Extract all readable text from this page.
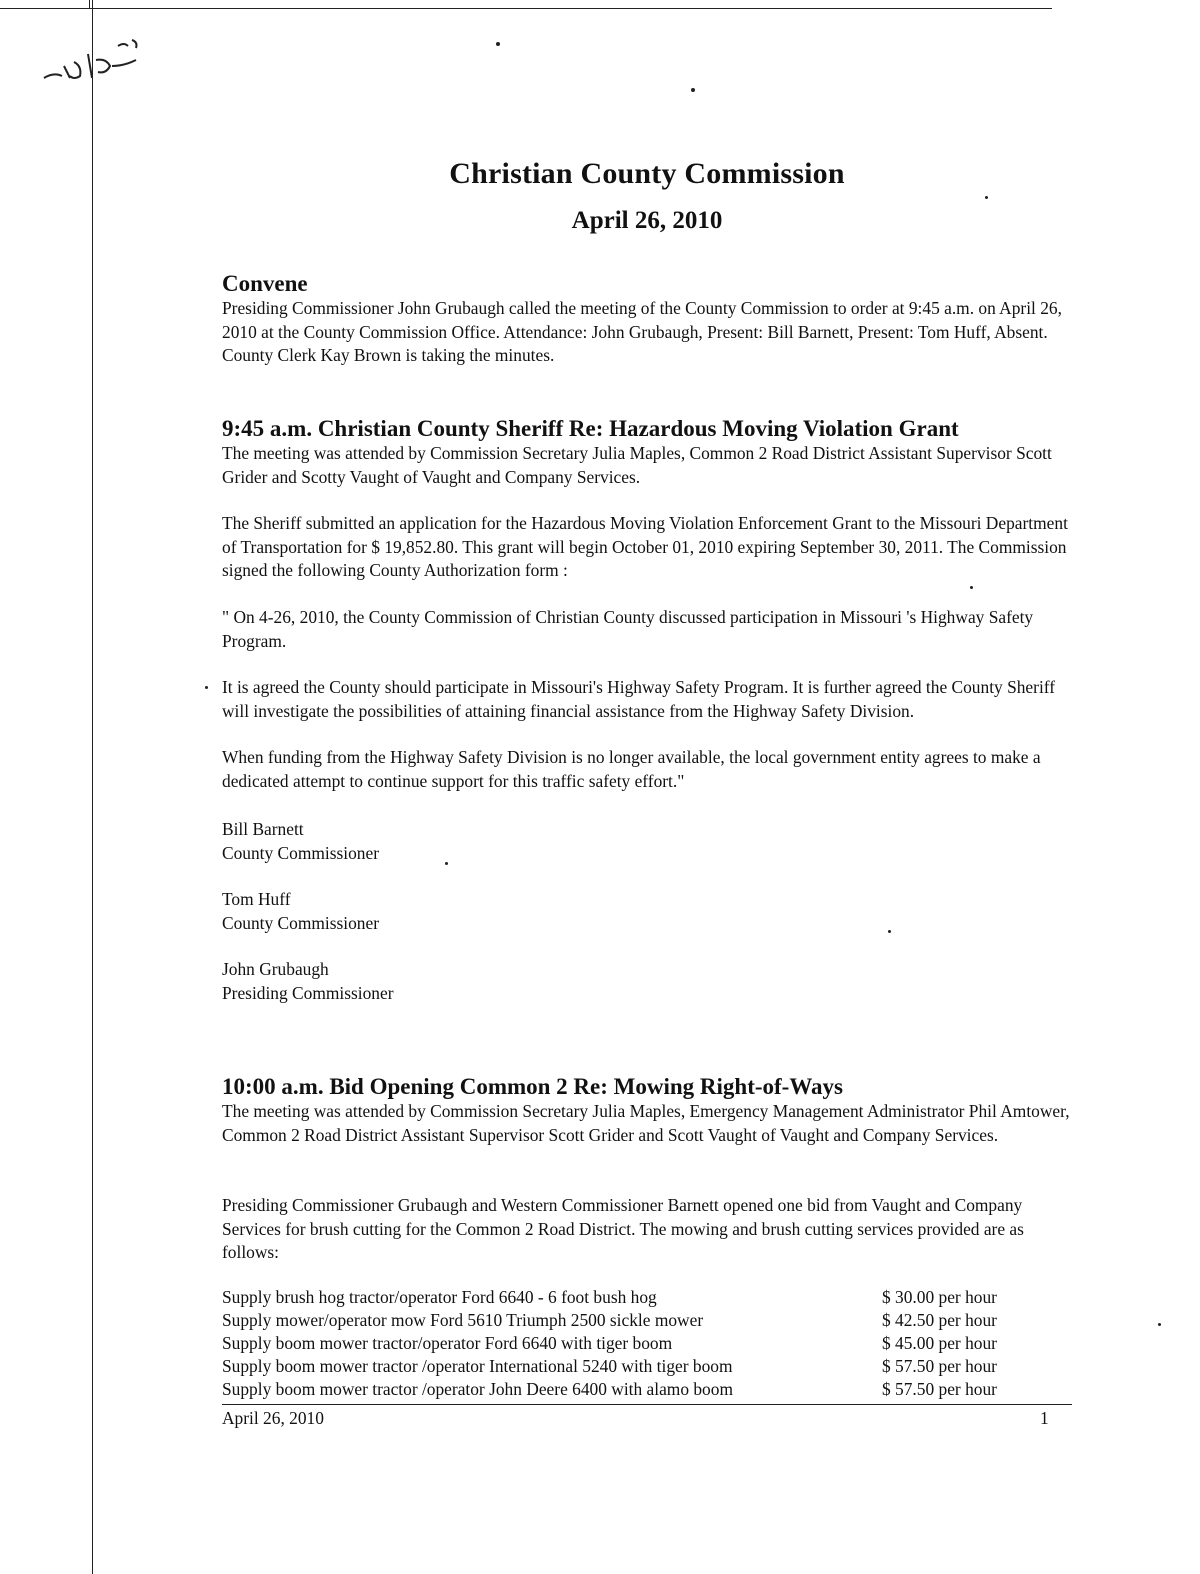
Christian County Commission
April 26, 2010
Convene

Presiding Commissioner John Grubaugh called the meeting of the County Commission to order at 9:45 a.m. on April 26, 2010 at the County Commission Office. Attendance: John Grubaugh, Present: Bill Barnett, Present: Tom Huff, Absent. County Clerk Kay Brown is taking the minutes.

9:45 a.m. Christian County Sheriff Re: Hazardous Moving Violation Grant

The meeting was attended by Commission Secretary Julia Maples, Common 2 Road District Assistant Supervisor Scott Grider and Scotty Vaught of Vaught and Company Services.

The Sheriff submitted an application for the Hazardous Moving Violation Enforcement Grant to the Missouri Department of Transportation for $ 19,852.80. This grant will begin October 01, 2010 expiring September 30, 2011. The Commission signed the following County Authorization form :

" On 4-26, 2010, the County Commission of Christian County discussed participation in Missouri 's Highway Safety Program.

It is agreed the County should participate in Missouri's Highway Safety Program. It is further agreed the County Sheriff will investigate the possibilities of attaining financial assistance from the Highway Safety Division.

When funding from the Highway Safety Division is no longer available, the local government entity agrees to make a dedicated attempt to continue support for this traffic safety effort."

Bill Barnett
County Commissioner
Tom Huff
County Commissioner
John Grubaugh
Presiding Commissioner
10:00 a.m. Bid Opening Common 2 Re: Mowing Right-of-Ways

The meeting was attended by Commission Secretary Julia Maples, Emergency Management Administrator Phil Amtower, Common 2 Road District Assistant Supervisor Scott Grider and Scott Vaught of Vaught and Company Services.

Presiding Commissioner Grubaugh and Western Commissioner Barnett opened one bid from Vaught and Company Services for brush cutting for the Common 2 Road District. The mowing and brush cutting services provided are as follows:

Supply brush hog tractor/operator Ford 6640 - 6 foot bush hog	$ 30.00 per hour
Supply mower/operator mow Ford 5610 Triumph 2500 sickle mower	$ 42.50 per hour
Supply boom mower tractor/operator Ford 6640 with tiger boom	$ 45.00 per hour
Supply boom mower tractor /operator International 5240 with tiger boom	$ 57.50 per hour
Supply boom mower tractor /operator John Deere 6400 with alamo boom	$ 57.50 per hour
April 26, 2010	1
